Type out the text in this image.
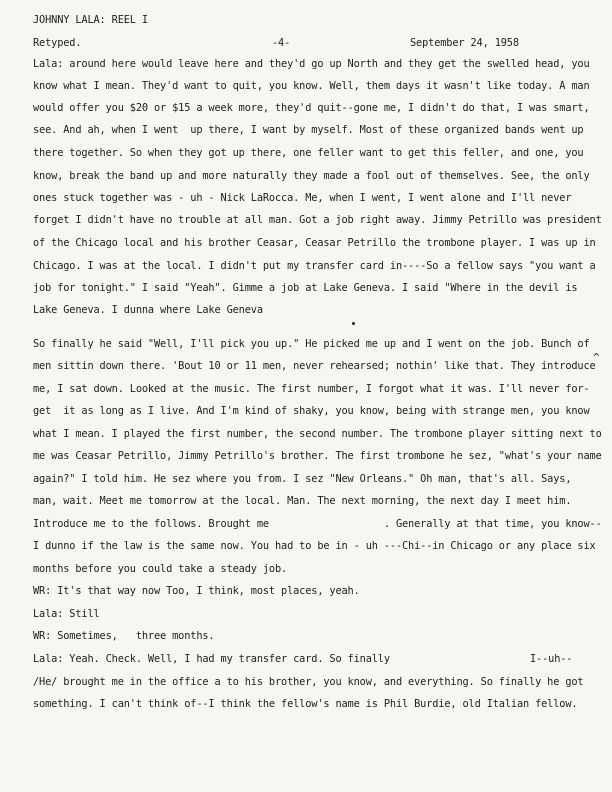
JOHNNY LALA: REEL I

Retyped.

	-4-

	September 24, 1958

Lala: around here would leave here and they'd go up North and they get the swelled head, you
know what I mean. They'd want to quit, you know. Well, them days it wasn't like today. A man
would offer you $20 or $15 a week more, they'd quit--gone me, I didn't do that, I was smart,
see. And ah, when I went  up there, I want by myself. Most of these organized bands went up
there together. So when they got up there, one feller want to get this feller, and one, you
know, break the band up and more naturally they made a fool out of themselves. See, the only
ones stuck together was - uh - Nick LaRocca. Me, when I went, I went alone and I'll never
forget I didn't have no trouble at all man. Got a job right away. Jimmy Petrillo was president
of the Chicago local and his brother Ceasar, Ceasar Petrillo the trombone player. I was up in
Chicago. I was at the local. I didn't put my transfer card in----So a fellow says "you want a
job for tonight." I said "Yeah". Gimme a job at Lake Geneva. I said "Where in the devil is
Lake Geneva. I dunna where Lake Geneva
So finally he said "Well, I'll pick you up." He picked me up and I went on the job. Bunch of
men sittin down there. 'Bout 10 or 11 men, never rehearsed; nothin' like that. They introduce
^
me, I sat down. Looked at the music. The first number, I forgot what it was. I'll never for-
get  it as long as I live. And I'm kind of shaky, you know, being with strange men, you know
what I mean. I played the first number, the second number. The trombone player sitting next to
me was Ceasar Petrillo, Jimmy Petrillo's brother. The first trombone he sez, "what's your name
again?" I told him. He sez where you from. I sez "New Orleans." Oh man, that's all. Says,
man, wait. Meet me tomorrow at the local. Man. The next morning, the next day I meet him.
Introduce me to the follows. Brought me                   . Generally at that time, you know--
I dunno if the law is the same now. You had to be in - uh ---Chi--in Chicago or any place six
months before you could take a steady job.
WR: It's that way now Too, I think, most places, yeah.
Lala: Still
WR: Sometimes,   three months.

Lala: Yeah. Check. Well, I had my transfer card. So finally

	I--uh--

/He/ brought me in the office a to his brother, you know, and everything. So finally he got
something. I can't think of--I think the fellow's name is Phil Burdie, old Italian fellow.
